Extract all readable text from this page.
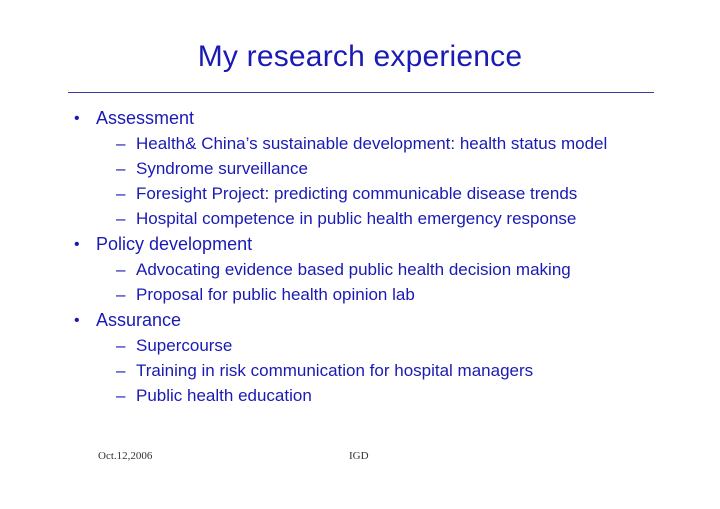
My research experience
• Assessment
– Health& China’s sustainable development: health status model
– Syndrome surveillance
– Foresight Project: predicting communicable disease trends
– Hospital competence in public health emergency response
• Policy development
– Advocating evidence based public health decision making
– Proposal for public health opinion lab
• Assurance
– Supercourse
– Training in risk communication for hospital managers
– Public health education
Oct.12,2006	IGD
